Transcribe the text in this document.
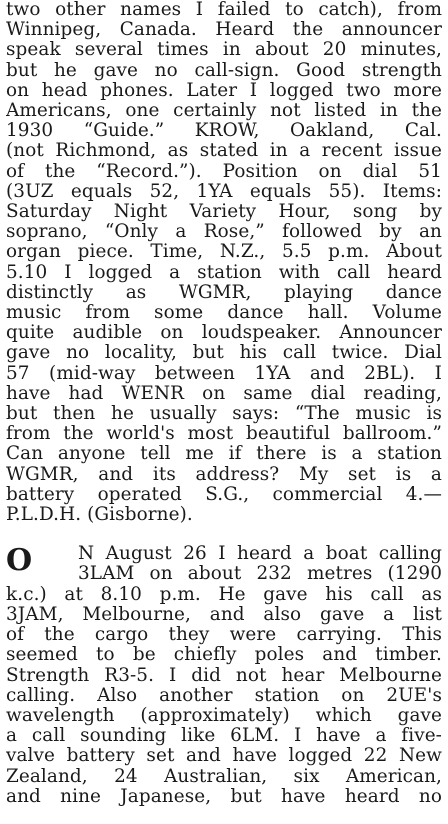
two other names I failed to catch), from
Winnipeg, Canada. Heard the announcer
speak several times in about 20 minutes,
but he gave no call-sign. Good strength
on head phones. Later I logged two more
Americans, one certainly not listed in the
1930 “Guide.” KROW, Oakland, Cal.
(not Richmond, as stated in a recent issue
of the “Record.”). Position on dial 51
(3UZ equals 52, 1YA equals 55). Items:
Saturday Night Variety Hour, song by
soprano, “Only a Rose,” followed by an
organ piece. Time, N.Z., 5.5 p.m. About
5.10 I logged a station with call heard
distinctly as WGMR, playing dance
music from some dance hall. Volume
quite audible on loudspeaker. Announcer
gave no locality, but his call twice. Dial
57 (mid-way between 1YA and 2BL). I
have had WENR on same dial reading,
but then he usually says: “The music is
from the world's most beautiful ballroom.”
Can anyone tell me if there is a station
WGMR, and its address? My set is a
battery operated S.G., commercial 4.—
P.L.D.H. (Gisborne).
O	N August 26 I heard a boat calling
3LAM on about 232 metres (1290
k.c.) at 8.10 p.m. He gave his call as
3JAM, Melbourne, and also gave a list
of the cargo they were carrying. This
seemed to be chiefly poles and timber.
Strength R3-5. I did not hear Melbourne
calling. Also another station on 2UE's
wavelength (approximately) which gave
a call sounding like 6LM. I have a five-
valve battery set and have logged 22 New
Zealand, 24 Australian, six American,
and nine Japanese, but have heard no
